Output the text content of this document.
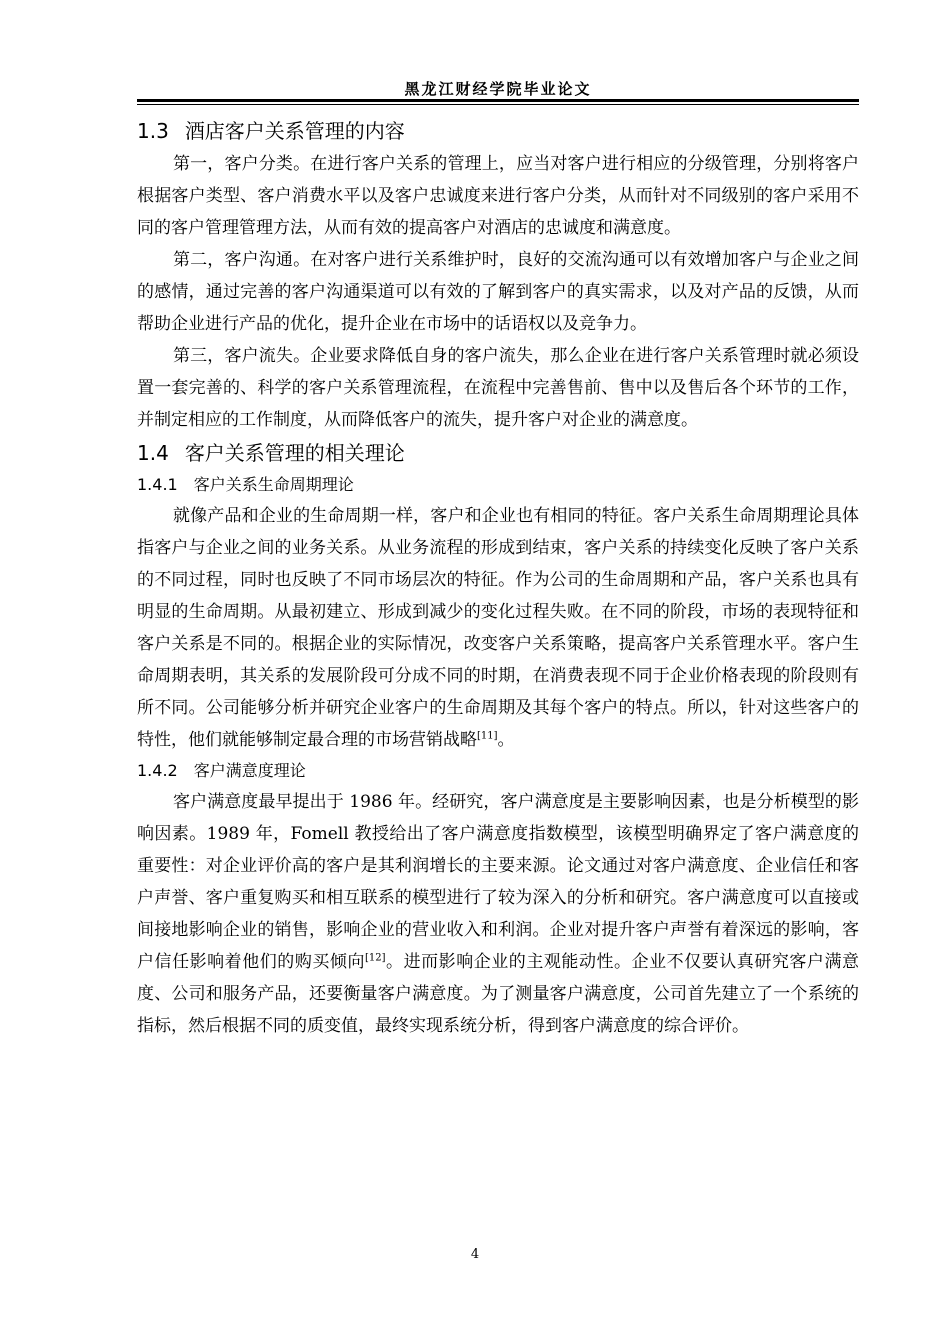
黑龙江财经学院毕业论文
1.3 酒店客户关系管理的内容

第一，客户分类。在进行客户关系的管理上，应当对客户进行相应的分级管理，分别将客户根据客户类型、客户消费水平以及客户忠诚度来进行客户分类，从而针对不同级别的客户采用不同的客户管理管理方法，从而有效的提高客户对酒店的忠诚度和满意度。

第二，客户沟通。在对客户进行关系维护时，良好的交流沟通可以有效增加客户与企业之间的感情，通过完善的客户沟通渠道可以有效的了解到客户的真实需求，以及对产品的反馈，从而帮助企业进行产品的优化，提升企业在市场中的话语权以及竞争力。

第三，客户流失。企业要求降低自身的客户流失，那么企业在进行客户关系管理时就必须设置一套完善的、科学的客户关系管理流程，在流程中完善售前、售中以及售后各个环节的工作，并制定相应的工作制度，从而降低客户的流失，提升客户对企业的满意度。

1.4 客户关系管理的相关理论
1.4.1 客户关系生命周期理论

就像产品和企业的生命周期一样，客户和企业也有相同的特征。客户关系生命周期理论具体指客户与企业之间的业务关系。从业务流程的形成到结束，客户关系的持续变化反映了客户关系的不同过程，同时也反映了不同市场层次的特征。作为公司的生命周期和产品，客户关系也具有明显的生命周期。从最初建立、形成到减少的变化过程失败。在不同的阶段，市场的表现特征和客户关系是不同的。根据企业的实际情况，改变客户关系策略，提高客户关系管理水平。客户生命周期表明，其关系的发展阶段可分成不同的时期，在消费表现不同于企业价格表现的阶段则有所不同。公司能够分析并研究企业客户的生命周期及其每个客户的特点。所以，针对这些客户的特性，他们就能够制定最合理的市场营销战略[11]。

1.4.2 客户满意度理论

客户满意度最早提出于 1986 年。经研究，客户满意度是主要影响因素，也是分析模型的影响因素。1989 年，Fomell 教授给出了客户满意度指数模型，该模型明确界定了客户满意度的重要性：对企业评价高的客户是其利润增长的主要来源。论文通过对客户满意度、企业信任和客户声誉、客户重复购买和相互联系的模型进行了较为深入的分析和研究。客户满意度可以直接或间接地影响企业的销售，影响企业的营业收入和利润。企业对提升客户声誉有着深远的影响，客户信任影响着他们的购买倾向[12]。进而影响企业的主观能动性。企业不仅要认真研究客户满意度、公司和服务产品，还要衡量客户满意度。为了测量客户满意度，公司首先建立了一个系统的指标，然后根据不同的质变值，最终实现系统分析，得到客户满意度的综合评价。

4
